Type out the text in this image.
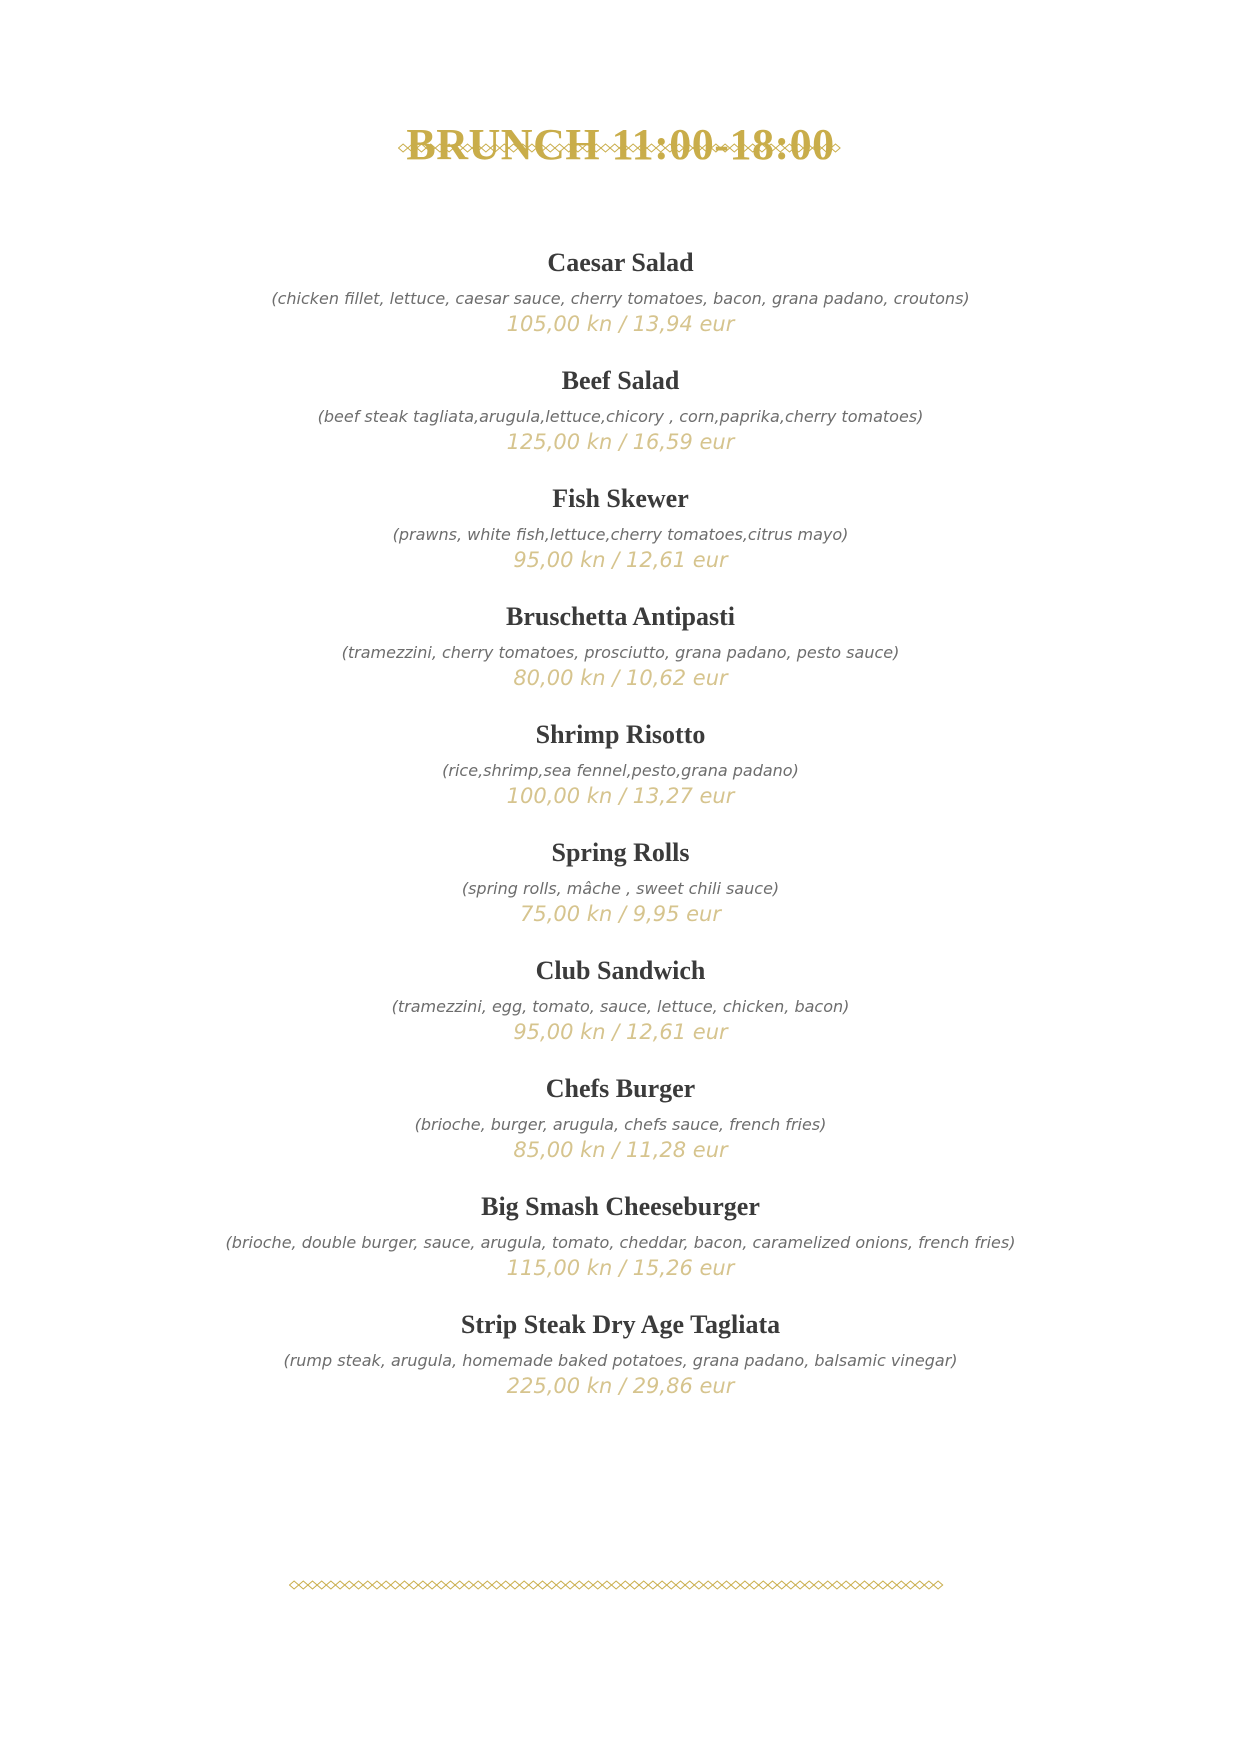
BRUNCH 11:00-18:00
Caesar Salad
(chicken fillet, lettuce, caesar sauce, cherry tomatoes, bacon, grana padano, croutons)
105,00 kn / 13,94 eur
Beef Salad
(beef steak tagliata,arugula,lettuce,chicory , corn,paprika,cherry tomatoes)
125,00 kn / 16,59 eur
Fish Skewer
(prawns, white fish,lettuce,cherry tomatoes,citrus mayo)
95,00 kn / 12,61 eur
Bruschetta Antipasti
(tramezzini, cherry tomatoes, prosciutto, grana padano, pesto sauce)
80,00 kn / 10,62 eur
Shrimp Risotto
(rice,shrimp,sea fennel,pesto,grana padano)
100,00 kn / 13,27 eur
Spring Rolls
(spring rolls, mâche , sweet chili sauce)
75,00 kn / 9,95 eur
Club Sandwich
(tramezzini, egg, tomato, sauce, lettuce, chicken, bacon)
95,00 kn / 12,61 eur
Chefs Burger
(brioche, burger, arugula, chefs sauce, french fries)
85,00 kn / 11,28 eur
Big Smash Cheeseburger
(brioche, double burger, sauce, arugula, tomato, cheddar, bacon, caramelized onions, french fries)
115,00 kn / 15,26 eur
Strip Steak Dry Age Tagliata
(rump steak, arugula, homemade baked potatoes, grana padano, balsamic vinegar)
225,00 kn / 29,86 eur
